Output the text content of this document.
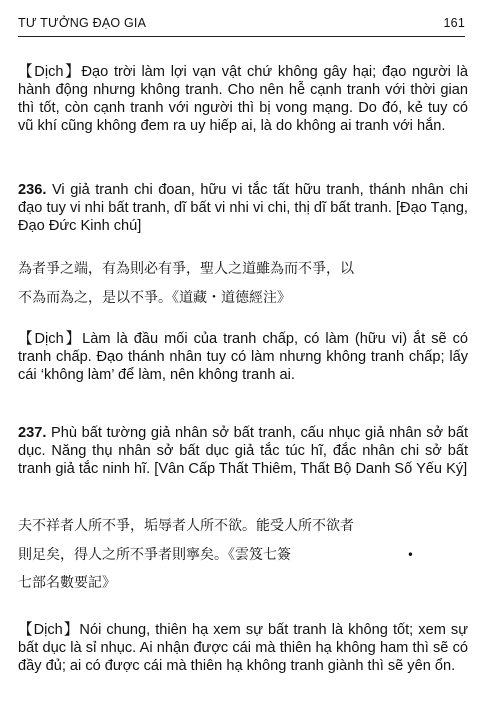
TƯ TƯỞNG ĐẠO GIA	161

【Dịch】Đạo trời làm lợi vạn vật chứ không gây hại; đạo người là hành động nhưng không tranh. Cho nên hễ cạnh tranh với thời gian thì tốt, còn cạnh tranh với người thì bị vong mạng. Do đó, kẻ tuy có vũ khí cũng không đem ra uy hiếp ai, là do không ai tranh với hắn.

236. Vi giả tranh chi đoan, hữu vi tắc tất hữu tranh, thánh nhân chi đạo tuy vi nhi bất tranh, dĩ bất vi nhi vi chi, thị dĩ bất tranh. [Đạo Tạng, Đạo Đức Kinh chú]

為者爭之端，有為則必有爭，聖人之道雖為而不爭，以

不為而為之，是以不爭。《道藏・道德經注》

【Dịch】Làm là đầu mối của tranh chấp, có làm (hữu vi) ắt sẽ có tranh chấp. Đạo thánh nhân tuy có làm nhưng không tranh chấp; lấy cái ‘không làm’ để làm, nên không tranh ai.

237. Phù bất tường giả nhân sở bất tranh, cấu nhục giả nhân sở bất dục. Năng thụ nhân sở bất dục giả tắc túc hĩ, đắc nhân chi sở bất tranh giả tắc ninh hĩ. [Vân Cấp Thất Thiêm, Thất Bộ Danh Số Yếu Ký]

夫不祥者人所不爭，垢辱者人所不欲。能受人所不欲者

則足矣，得人之所不爭者則寧矣。《雲笈七簽	•

七部名數要記》

【Dịch】Nói chung, thiên hạ xem sự bất tranh là không tốt; xem sự bất dục là sỉ nhục. Ai nhận được cái mà thiên hạ không ham thì sẽ có đầy đủ; ai có được cái mà thiên hạ không tranh giành thì sẽ yên ổn.
